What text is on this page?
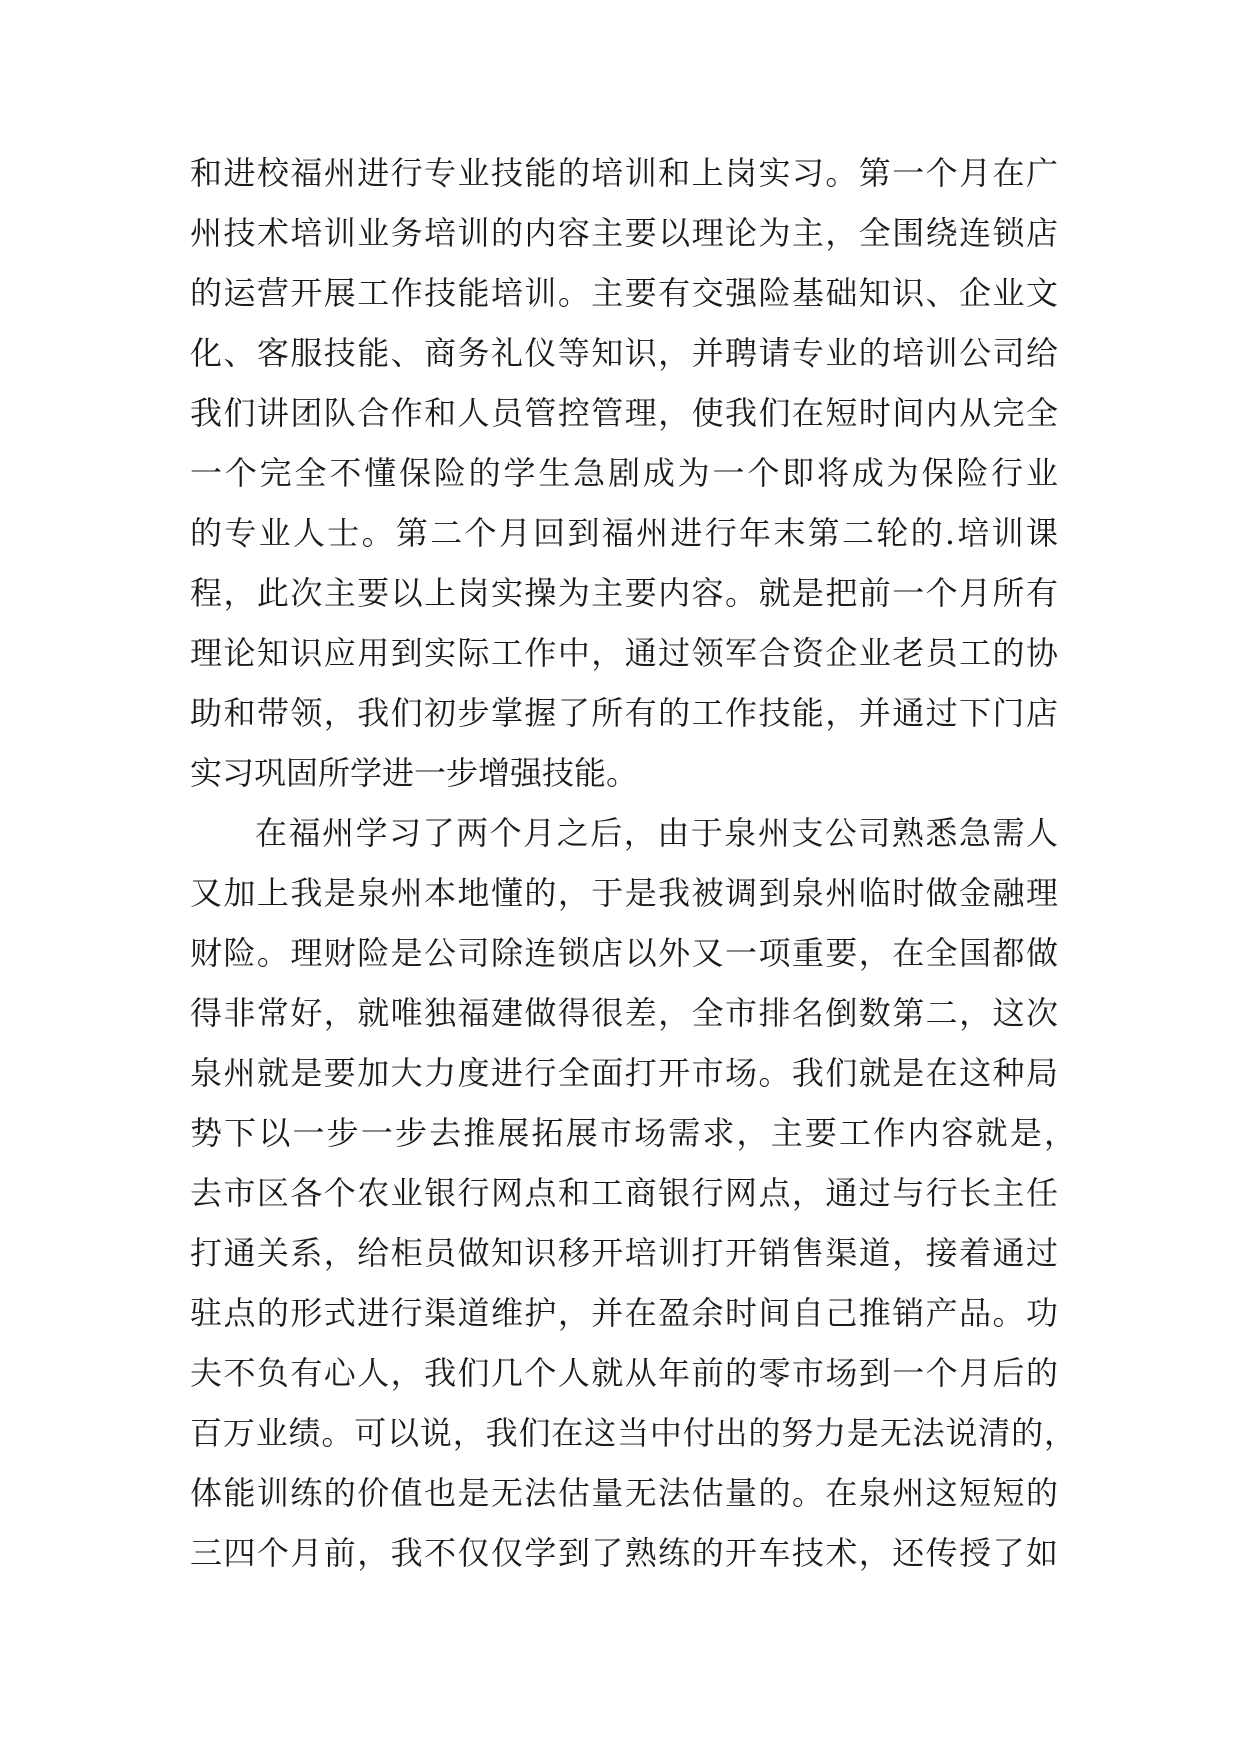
和进校福州进行专业技能的培训和上岗实习。第一个月在广
州技术培训业务培训的内容主要以理论为主，全围绕连锁店
的运营开展工作技能培训。主要有交强险基础知识、企业文
化、客服技能、商务礼仪等知识，并聘请专业的培训公司给
我们讲团队合作和人员管控管理，使我们在短时间内从完全
一个完全不懂保险的学生急剧成为一个即将成为保险行业
的专业人士。第二个月回到福州进行年末第二轮的.培训课
程，此次主要以上岗实操为主要内容。就是把前一个月所有
理论知识应用到实际工作中，通过领军合资企业老员工的协
助和带领，我们初步掌握了所有的工作技能，并通过下门店
实习巩固所学进一步增强技能。
在福州学习了两个月之后，由于泉州支公司熟悉急需人
又加上我是泉州本地懂的，于是我被调到泉州临时做金融理
财险。理财险是公司除连锁店以外又一项重要，在全国都做
得非常好，就唯独福建做得很差，全市排名倒数第二，这次
泉州就是要加大力度进行全面打开市场。我们就是在这种局
势下以一步一步去推展拓展市场需求，主要工作内容就是，
去市区各个农业银行网点和工商银行网点，通过与行长主任
打通关系，给柜员做知识移开培训打开销售渠道，接着通过
驻点的形式进行渠道维护，并在盈余时间自己推销产品。功
夫不负有心人，我们几个人就从年前的零市场到一个月后的
百万业绩。可以说，我们在这当中付出的努力是无法说清的，
体能训练的价值也是无法估量无法估量的。在泉州这短短的
三四个月前，我不仅仅学到了熟练的开车技术，还传授了如
